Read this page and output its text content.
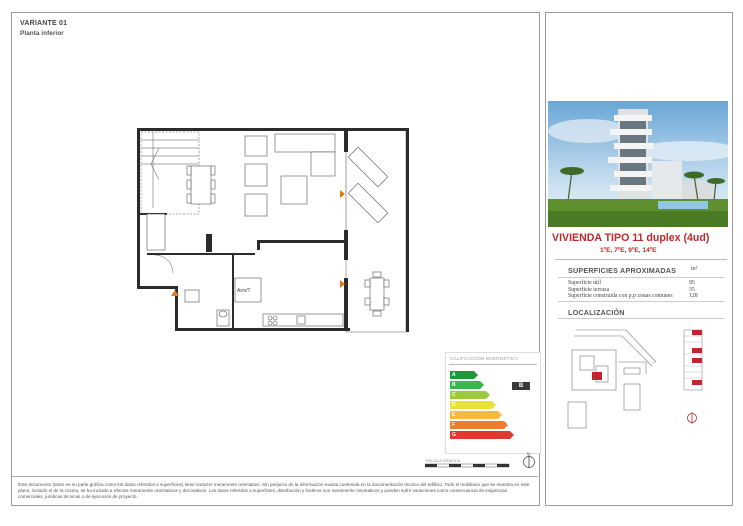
VARIANTE 01
Planta inferior
Arm/T
CALIFICACIÓN ENERGÉTICA
A
B
C
D
E
F
G
B
ESCALA GRÁFICA
N
Este documento (tanto en su parte gráfica como los datos referidos a superficies) tiene carácter meramente orientativo. Sin perjuicio de la información exacta contenida en la documentación técnica del edificio. Todo el mobiliario que se muestra en este plano, incluido el de la cocina, se ha incluido a efectos meramente orientativos y decorativos. Los datos referidos a superficies, distribución y linderos son meramente orientativos y pueden sufrir variaciones como consecuencia de exigencias comerciales, jurídicas técnicas o de ejecución de proyecto.
VIVIENDA TIPO 11 duplex (4ud)
1ºE, 7ºE, 9ºE, 14ºE
SUPERFICIES APROXIMADAS	m²
Superficie útil	95
Superficie terraza	35
Superficie construida con p.p zonas comunes	128
LOCALIZACIÓN
—
